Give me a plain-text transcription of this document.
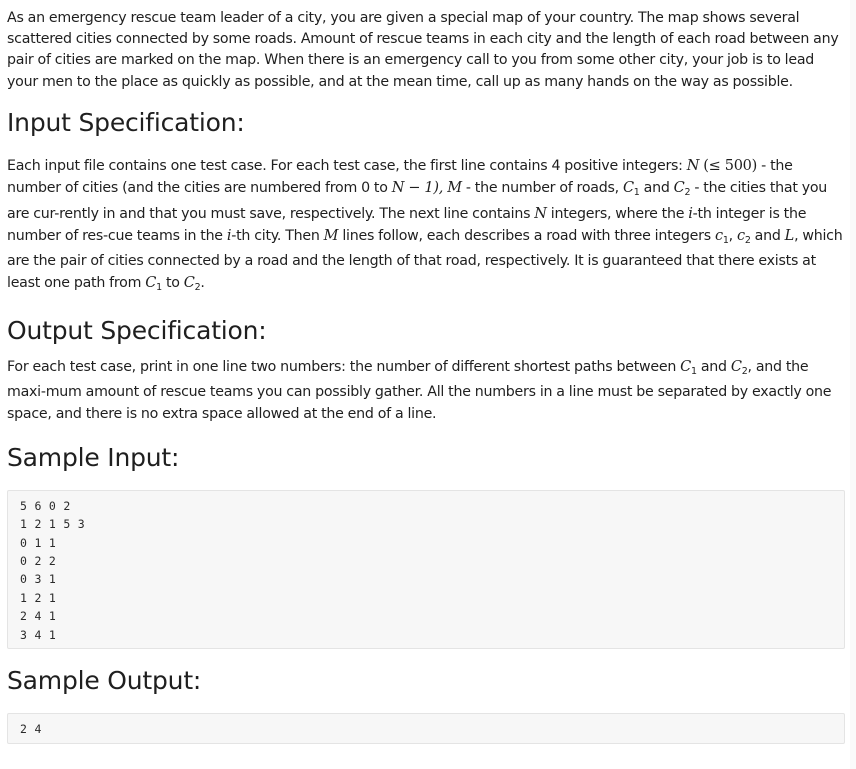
As an emergency rescue team leader of a city, you are given a special map of your country. The map shows several scattered cities connected by some roads. Amount of rescue teams in each city and the length of each road between any pair of cities are marked on the map. When there is an emergency call to you from some other city, your job is to lead your men to the place as quickly as possible, and at the mean time, call up as many hands on the way as possible.

Input Specification:

Each input file contains one test case. For each test case, the first line contains 4 positive integers: N (≤ 500) - the number of cities (and the cities are numbered from 0 to N − 1), M - the number of roads, $C_1$ and $C_2$ - the cities that you are cur-rently in and that you must save, respectively. The next line contains N integers, where the i-th integer is the number of res-cue teams in the i-th city. Then M lines follow, each describes a road with three integers $c_1$, $c_2$ and L, which are the pair of cities connected by a road and the length of that road, respectively. It is guaranteed that there exists at least one path from $C_1$ to $C_2$.

Output Specification:

For each test case, print in one line two numbers: the number of different shortest paths between $C_1$ and $C_2$, and the maxi-mum amount of rescue teams you can possibly gather. All the numbers in a line must be separated by exactly one space, and there is no extra space allowed at the end of a line.

Sample Input:
5 6 0 2
1 2 1 5 3
0 1 1
0 2 2
0 3 1
1 2 1
2 4 1
3 4 1
Sample Output:
2 4
